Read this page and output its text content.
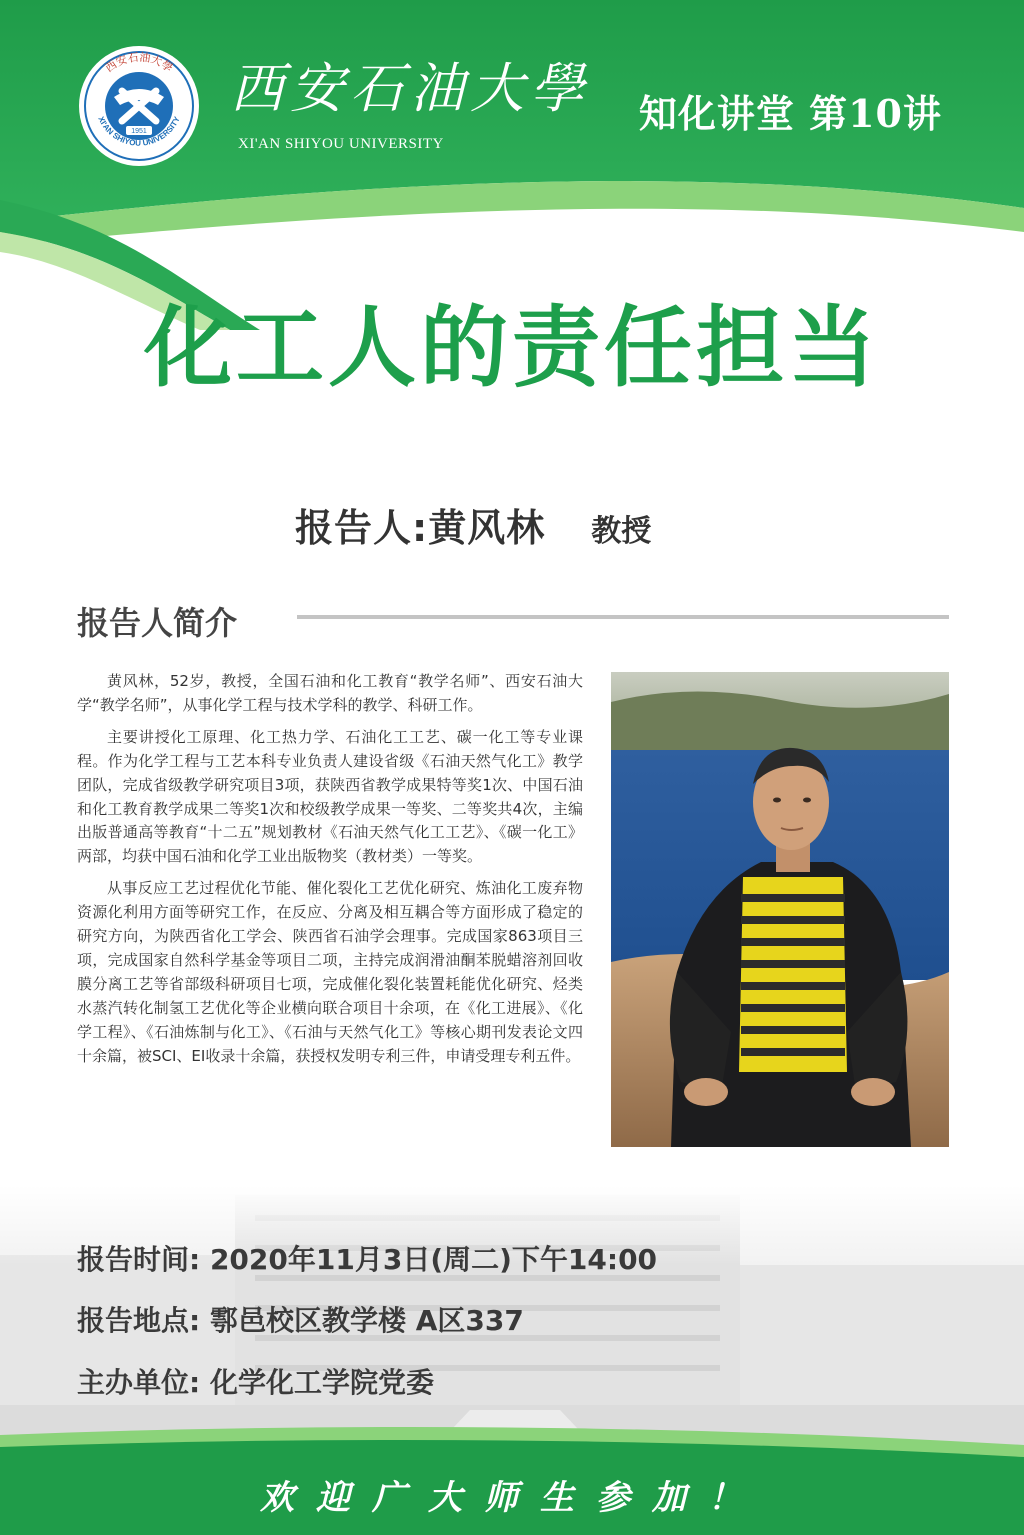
1951
西安石油大學
XI'AN SHIYOU UNIVERSITY 西安石油大學
XI'AN SHIYOU UNIVERSITY
知化讲堂 第10讲
化工人的责任担当
报告人:黄风林 教授
报告人简介

黄风林，52岁，教授，全国石油和化工教育“教学名师”、西安石油大学“教学名师”，从事化学工程与技术学科的教学、科研工作。

主要讲授化工原理、化工热力学、石油化工工艺、碳一化工等专业课程。作为化学工程与工艺本科专业负责人建设省级《石油天然气化工》教学团队，完成省级教学研究项目3项，获陕西省教学成果特等奖1次、中国石油和化工教育教学成果二等奖1次和校级教学成果一等奖、二等奖共4次，主编出版普通高等教育“十二五”规划教材《石油天然气化工工艺》、《碳一化工》两部，均获中国石油和化学工业出版物奖（教材类）一等奖。

从事反应工艺过程优化节能、催化裂化工艺优化研究、炼油化工废弃物资源化利用方面等研究工作，在反应、分离及相互耦合等方面形成了稳定的研究方向，为陕西省化工学会、陕西省石油学会理事。完成国家863项目三项，完成国家自然科学基金等项目二项，主持完成润滑油酮苯脱蜡溶剂回收膜分离工艺等省部级科研项目七项，完成催化裂化装置耗能优化研究、烃类水蒸汽转化制氢工艺优化等企业横向联合项目十余项，在《化工进展》、《化学工程》、《石油炼制与化工》、《石油与天然气化工》等核心期刊发表论文四十余篇，被SCI、EI收录十余篇，获授权发明专利三件，申请受理专利五件。

报告时间: 2020年11月3日(周二)下午14:00
报告地点: 鄠邑校区教学楼 A区337
主办单位: 化学化工学院党委
欢迎广大师生参加！
